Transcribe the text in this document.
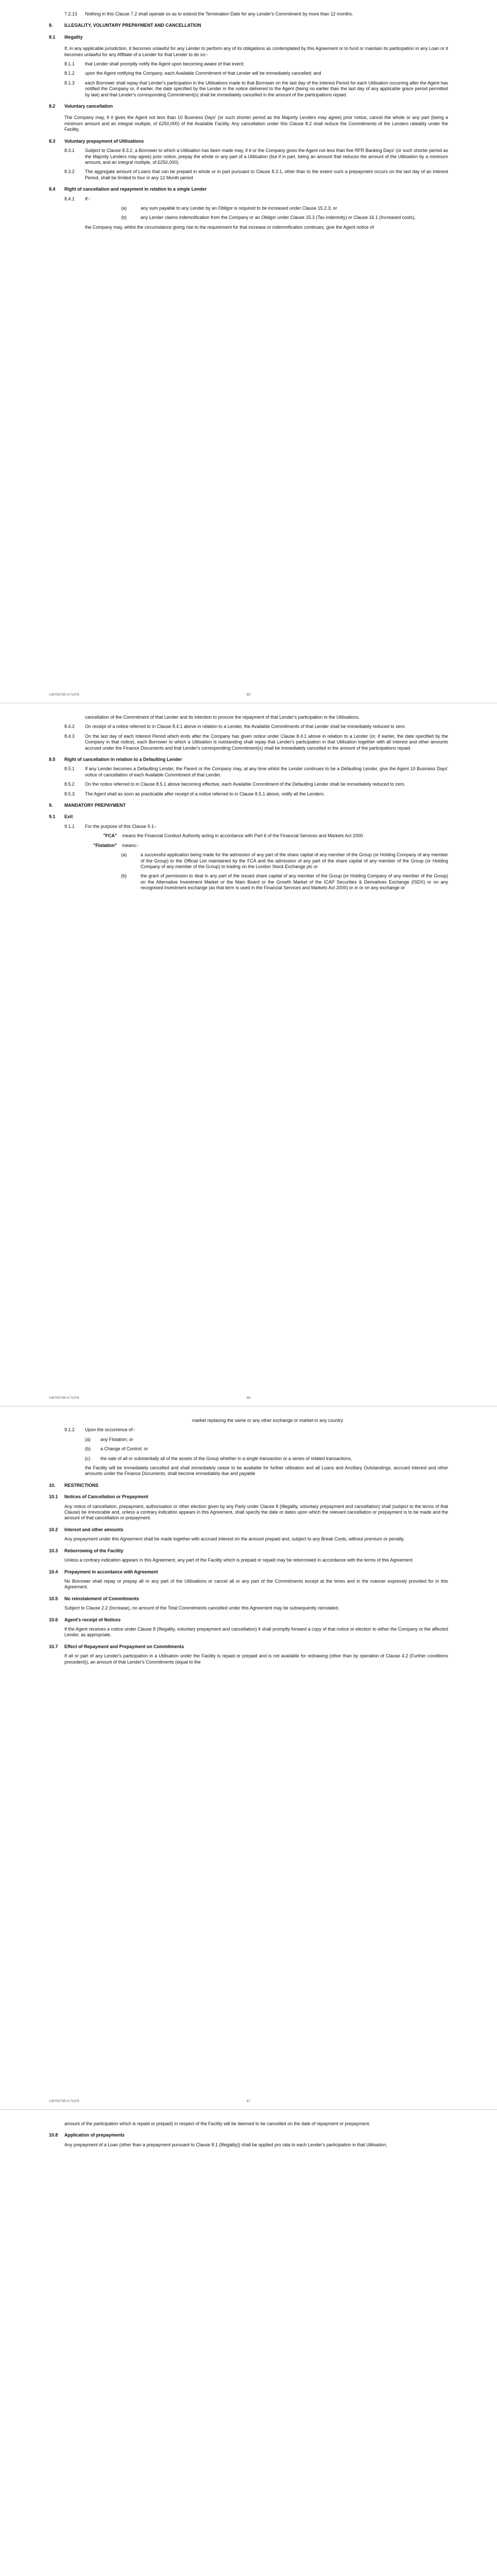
7.2.13	Nothing in this Clause 7.2 shall operate so as to extend the Termination Date for any Lender's Commitment by more than 12 months.
8.	ILLEGALITY, VOLUNTARY PREPAYMENT AND CANCELLATION
8.1	Illegality
If, in any applicable jurisdiction, it becomes unlawful for any Lender to perform any of its obligations as contemplated by this Agreement or to fund or maintain its participation in any Loan or it becomes unlawful for any Affiliate of a Lender for that Lender to do so:-
8.1.1	that Lender shall promptly notify the Agent upon becoming aware of that event;
8.1.2	upon the Agent notifying the Company, each Available Commitment of that Lender will be immediately cancelled; and
8.1.3	each Borrower shall repay that Lender's participation in the Utilisations made to that Borrower on the last day of the Interest Period for each Utilisation occurring after the Agent has notified the Company or, if earlier, the date specified by the Lender in the notice delivered to the Agent (being no earlier than the last day of any applicable grace period permitted by law) and that Lender's corresponding Commitment(s) shall be immediately cancelled in the amount of the participations repaid.
8.2	Voluntary cancellation
The Company may, if it gives the Agent not less than 10 Business Days' (or such shorter period as the Majority Lenders may agree) prior notice, cancel the whole or any part (being a minimum amount and an integral multiple, of £250,000) of the Available Facility. Any cancellation under this Clause 8.2 shall reduce the Commitments of the Lenders rateably under the Facility.
8.3	Voluntary prepayment of Utilisations
8.3.1	Subject to Clause 8.3.2, a Borrower to which a Utilisation has been made may, if it or the Company gives the Agent not less than five RFR Banking Days' (or such shorter period as the Majority Lenders may agree) prior notice, prepay the whole or any part of a Utilisation (but if in part, being an amount that reduces the amount of the Utilisation by a minimum amount, and an integral multiple, of £250,000).
8.3.2	The aggregate amount of Loans that can be prepaid in whole or in part pursuant to Clause 8.3.1, other than to the extent such a prepayment occurs on the last day of an Interest Period, shall be limited to four in any 12 Month period
8.4	Right of cancellation and repayment in relation to a single Lender
8.4.1	If:-
(a)	any sum payable to any Lender by an Obligor is required to be increased under Clause 15.2.3; or
(b)	any Lender claims indemnification from the Company or an Obligor under Clause 15.3 (Tax indemnity) or Clause 16.1 (Increased costs),
the Company may, whilst the circumstance giving rise to the requirement for that increase or indemnification continues, give the Agent notice of
136763735-4-71376	65
cancellation of the Commitment of that Lender and its intention to procure the repayment of that Lender's participation in the Utilisations.
8.4.2	On receipt of a notice referred to in Clause 8.4.1 above in relation to a Lender, the Available Commitments of that Lender shall be immediately reduced to zero.
8.4.3	On the last day of each Interest Period which ends after the Company has given notice under Clause 8.4.1 above in relation to a Lender (or, if earlier, the date specified by the Company in that notice), each Borrower to which a Utilisation is outstanding shall repay that Lender's participation in that Utilisation together with all interest and other amounts accrued under the Finance Documents and that Lender's corresponding Commitment(s) shall be immediately cancelled in the amount of the participations repaid.
8.5	Right of cancellation in relation to a Defaulting Lender
8.5.1	If any Lender becomes a Defaulting Lender, the Parent or the Company may, at any time whilst the Lender continues to be a Defaulting Lender, give the Agent 10 Business Days' notice of cancellation of each Available Commitment of that Lender.
8.5.2	On the notice referred to in Clause 8.5.1 above becoming effective, each Available Commitment of the Defaulting Lender shall be immediately reduced to zero.
8.5.3	The Agent shall as soon as practicable after receipt of a notice referred to in Clause 8.5.1 above, notify all the Lenders.
9.	MANDATORY PREPAYMENT
9.1	Exit
9.1.1	For the purpose of this Clause 9.1:-
"FCA"	means the Financial Conduct Authority acting in accordance with Part 6 of the Financial Services and Markets Act 2000
"Flotation"	means:-
(a)	a successful application being made for the admission of any part of the share capital of any member of the Group (or Holding Company of any member of the Group) to the Official List maintained by the FCA and the admission of any part of the share capital of any member of the Group (or Holding Company of any member of the Group) to trading on the London Stock Exchange plc or
(b)	the grant of permission to deal in any part of the issued share capital of any member of the Group (or Holding Company of any member of the Group) on the Alternative Investment Market or the Main Board or the Growth Market of the ICAP Securities & Derivatives Exchange (ISDX) or on any recognised investment exchange (as that term is used in the Financial Services and Markets Act 2000) or in or on any exchange or
136763735-4-71376	66
market replacing the same or any other exchange or market in any country
9.1.2	Upon the occurrence of:-
(a)	any Flotation; or
(b)	a Change of Control; or
(c)	the sale of all or substantially all of the assets of the Group whether in a single transaction or a series of related transactions,
the Facility will be immediately cancelled and shall immediately cease to be available for further utilisation and all Loans and Ancillary Outstandings, accrued interest and other amounts under the Finance Documents, shall become immediately due and payable
10.	RESTRICTIONS
10.1	Notices of Cancellation or Prepayment
Any notice of cancellation, prepayment, authorisation or other election given by any Party under Clause 8 (Illegality, voluntary prepayment and cancellation) shall (subject to the terms of that Clause) be irrevocable and, unless a contrary indication appears in this Agreement, shall specify the date or dates upon which the relevant cancellation or prepayment is to be made and the amount of that cancellation or prepayment.
10.2	Interest and other amounts
Any prepayment under this Agreement shall be made together with accrued interest on the amount prepaid and, subject to any Break Costs, without premium or penalty.
10.3	Reborrowing of the Facility
Unless a contrary indication appears in this Agreement, any part of the Facility which is prepaid or repaid may be reborrowed in accordance with the terms of this Agreement.
10.4	Prepayment in accordance with Agreement
No Borrower shall repay or prepay all or any part of the Utilisations or cancel all or any part of the Commitments except at the times and in the manner expressly provided for in this Agreement.
10.5	No reinstatement of Commitments
Subject to Clause 2.2 (Increase), no amount of the Total Commitments cancelled under this Agreement may be subsequently reinstated.
10.6	Agent's receipt of Notices
If the Agent receives a notice under Clause 8 (Illegality, voluntary prepayment and cancellation) it shall promptly forward a copy of that notice or election to either the Company or the affected Lender, as appropriate.
10.7	Effect of Repayment and Prepayment on Commitments
If all or part of any Lender's participation in a Utilisation under the Facility is repaid or prepaid and is not available for redrawing (other than by operation of Clause 4.2 (Further conditions precedent)), an amount of that Lender's Commitments (equal to the
136763735-4-71376	67
amount of the participation which is repaid or prepaid) in respect of the Facility will be deemed to be cancelled on the date of repayment or prepayment.
10.8	Application of prepayments
Any prepayment of a Loan (other than a prepayment pursuant to Clause 8.1 (Illegality)) shall be applied pro rata to each Lender's participation in that Utilisation.
